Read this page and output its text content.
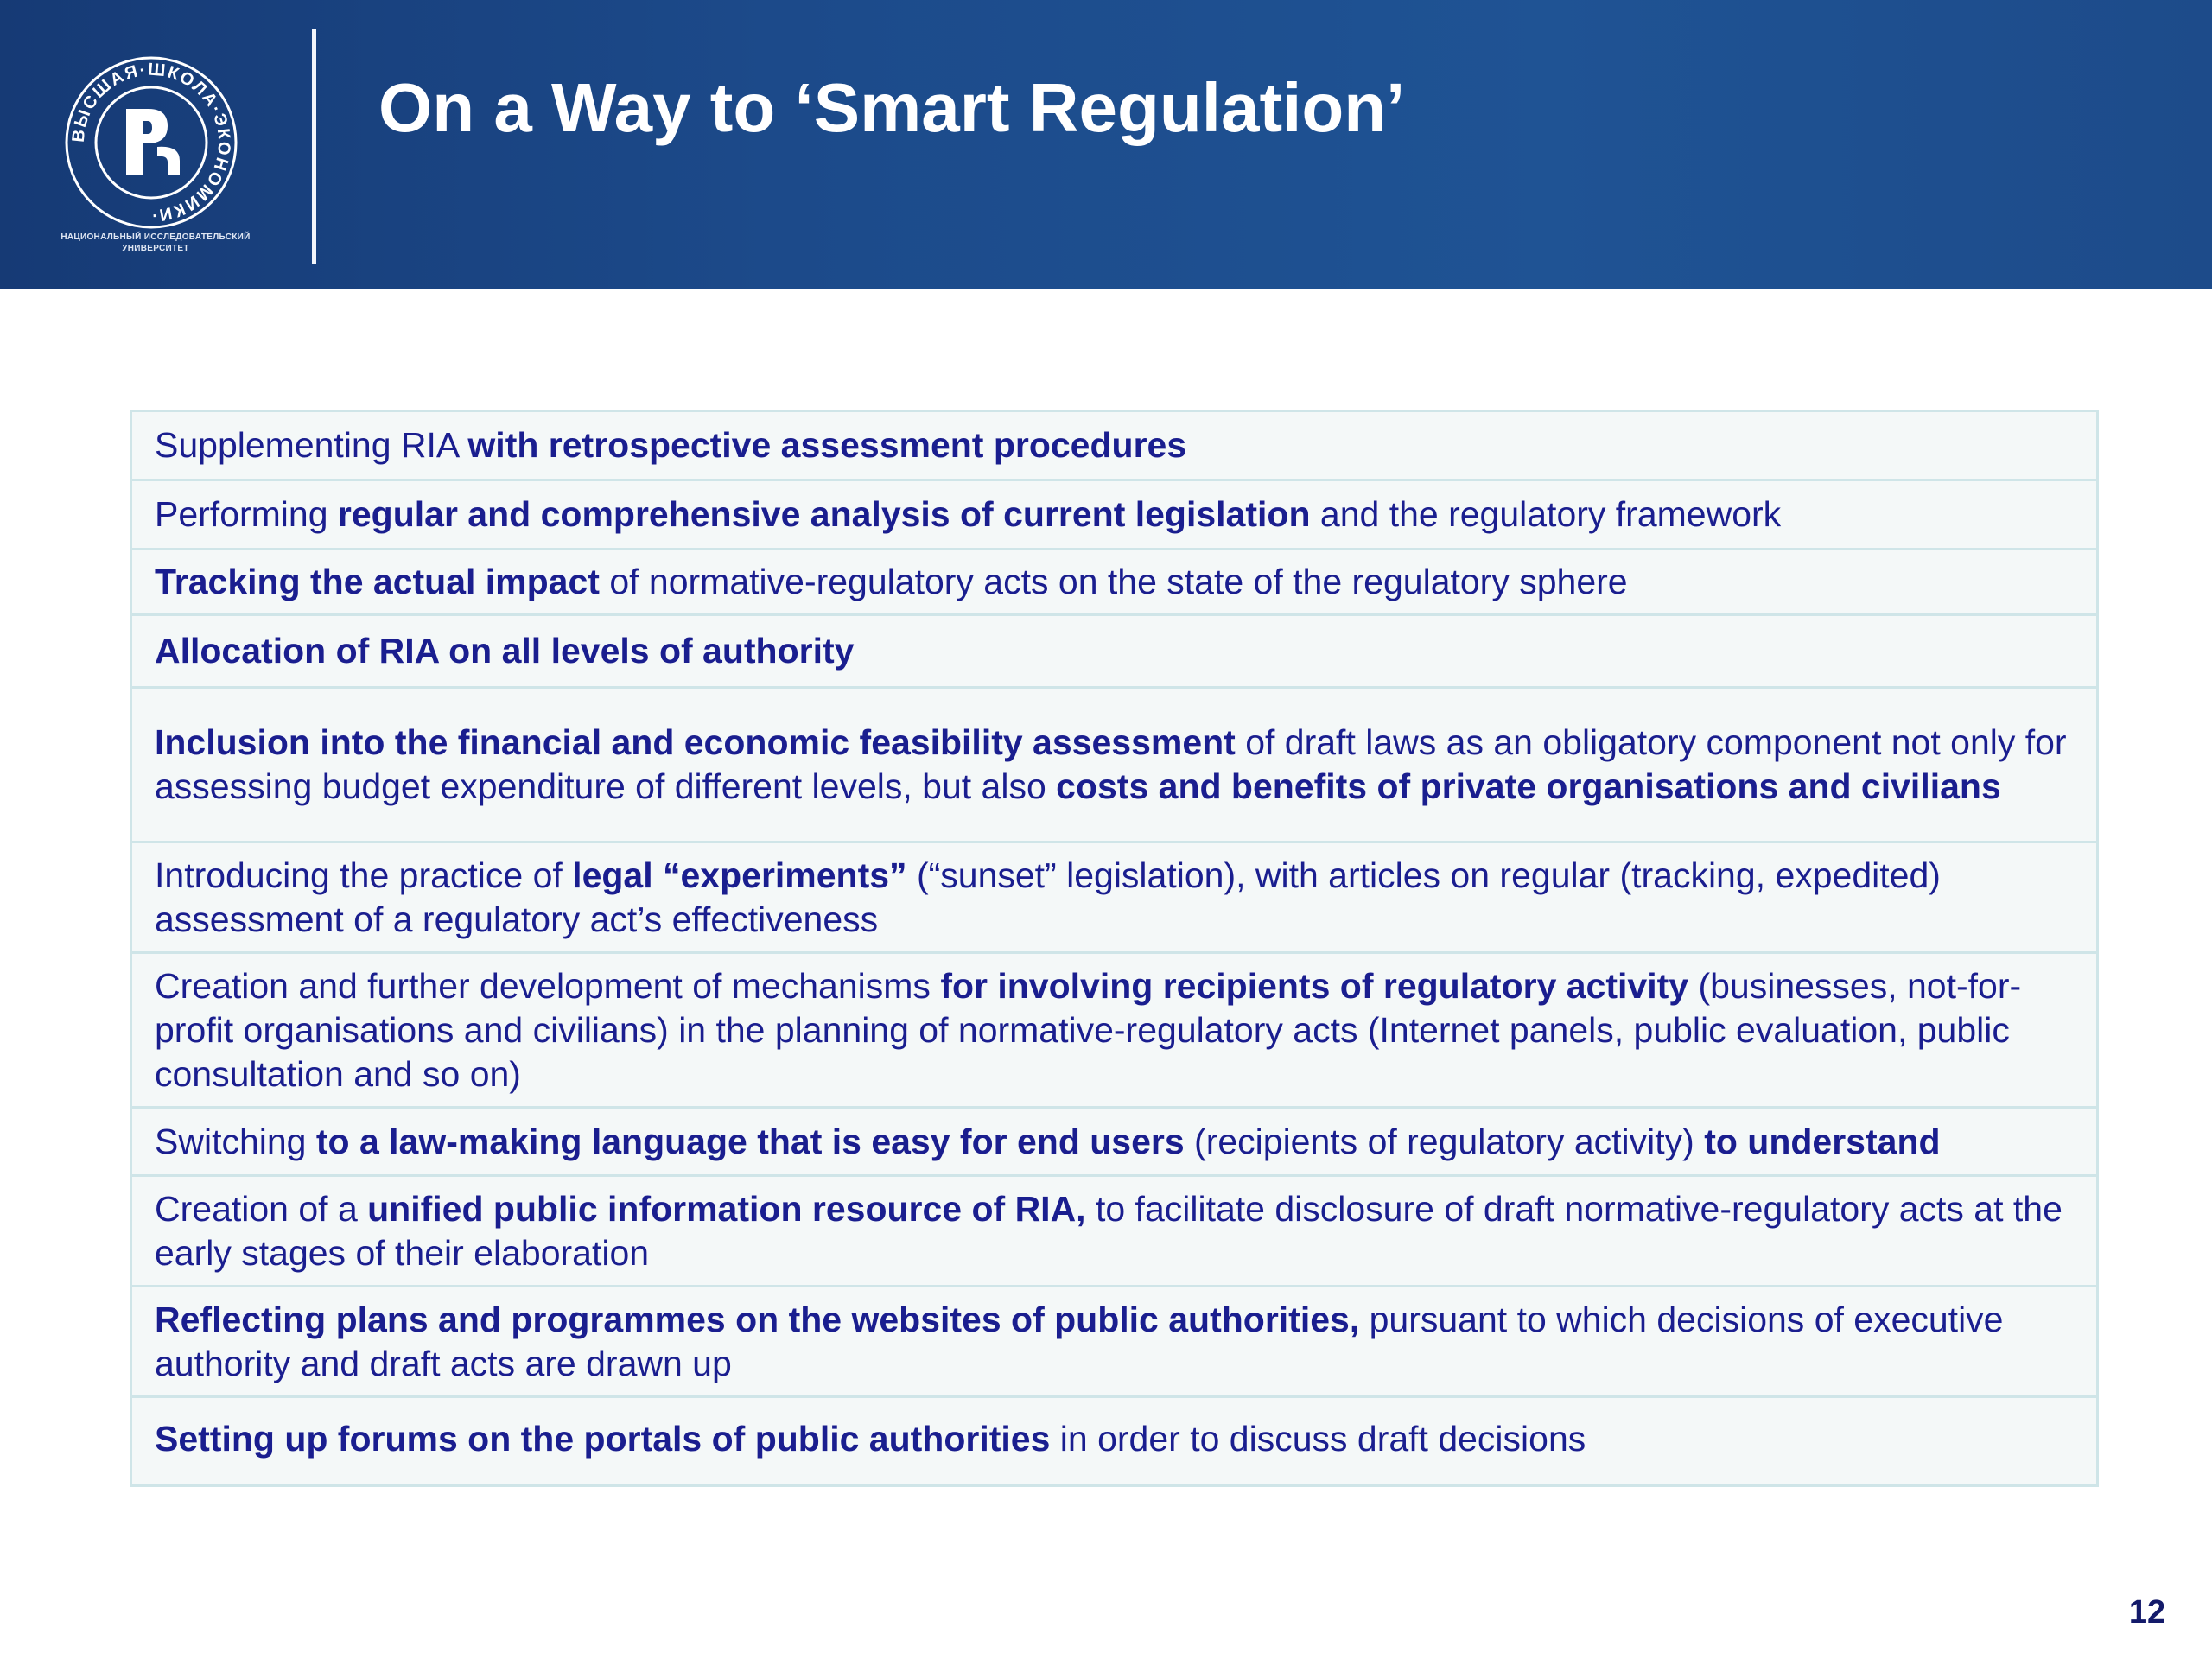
ВЫСШАЯ·ШКОЛА·ЭКОНОМИКИ·
НАЦИОНАЛЬНЫЙ ИССЛЕДОВАТЕЛЬСКИЙ
УНИВЕРСИТЕТ
On a Way to ‘Smart Regulation’
Supplementing RIA with retrospective assessment procedures
Performing regular and comprehensive analysis of current legislation and the regulatory framework
Tracking the actual impact of normative-regulatory acts on the state of the regulatory sphere
Allocation of RIA on all levels of authority
Inclusion into the financial and economic feasibility assessment of draft laws as an obligatory component not only for assessing budget expenditure of different levels, but also costs and benefits of private organisations and civilians
Introducing the practice of legal “experiments” (“sunset” legislation), with articles on regular (tracking, expedited) assessment of a regulatory act’s effectiveness
Creation and further development of mechanisms for involving recipients of regulatory activity (businesses, not-for-profit organisations and civilians) in the planning of normative-regulatory acts (Internet panels, public evaluation, public consultation and so on)
Switching to a law-making language that is easy for end users (recipients of regulatory activity) to understand
Creation of a unified public information resource of RIA, to facilitate disclosure of draft normative-regulatory acts at the early stages of their elaboration
Reflecting plans and programmes on the websites of public authorities, pursuant to which decisions of executive authority and draft acts are drawn up
Setting up forums on the portals of public authorities in order to discuss draft decisions
12
